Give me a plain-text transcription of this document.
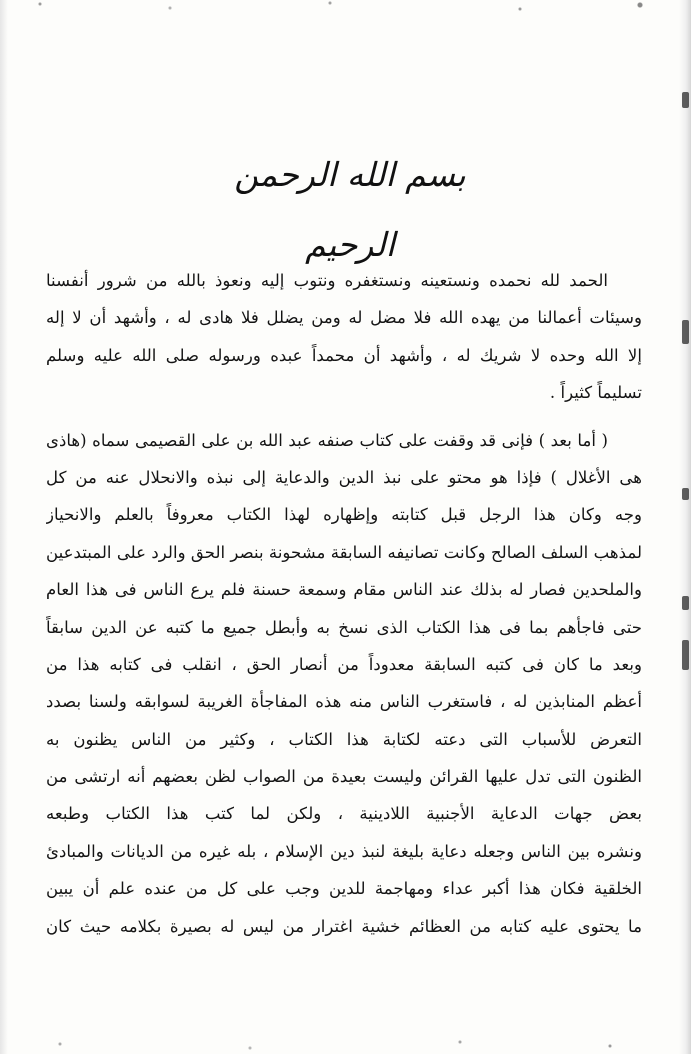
بسم الله الرحمن الرحيم

الحمد لله نحمده ونستعينه ونستغفره ونتوب إليه ونعوذ بالله من شرور أنفسنا
وسيئات أعمالنا من يهده الله فلا مضل له ومن يضلل فلا هادى له ، وأشهد أن لا إله
إلا الله وحده لا شريك له ، وأشهد أن محمداً عبده ورسوله صلى الله عليه وسلم
تسليماً كثيراً .

( أما بعد ) فإنى قد وقفت على كتاب صنفه عبد الله بن على القصيمى سماه (هاذى
هى الأغلال ) فإذا هو محتو على نبذ الدين والدعاية إلى نبذه والانحلال عنه من كل
وجه وكان هذا الرجل قبل كتابته وإظهاره لهذا الكتاب معروفاً بالعلم والانحياز
لمذهب السلف الصالح وكانت تصانيفه السابقة مشحونة بنصر الحق والرد على المبتدعين
والملحدين فصار له بذلك عند الناس مقام وسمعة حسنة فلم يرع الناس فى هذا العام
حتى فاجأهم بما فى هذا الكتاب الذى نسخ به وأبطل جميع ما كتبه عن الدين سابقاً
وبعد ما كان فى كتبه السابقة معدوداً من أنصار الحق ، انقلب فى كتابه هذا من
أعظم المنابذين له ، فاستغرب الناس منه هذه المفاجأة الغريبة لسوابقه ولسنا بصدد
التعرض للأسباب التى دعته لكتابة هذا الكتاب ، وكثير من الناس يظنون به
الظنون التى تدل عليها القرائن وليست بعيدة من الصواب لظن بعضهم أنه ارتشى من
بعض جهات الدعاية الأجنبية اللادينية ، ولكن لما كتب هذا الكتاب وطبعه
ونشره بين الناس وجعله دعاية بليغة لنبذ دين الإسلام ، بله غيره من الديانات والمبادئ
الخلقية فكان هذا أكبر عداء ومهاجمة للدين وجب على كل من عنده علم أن يبين
ما يحتوى عليه كتابه من العظائم خشية اغترار من ليس له بصيرة بكلامه حيث كان
